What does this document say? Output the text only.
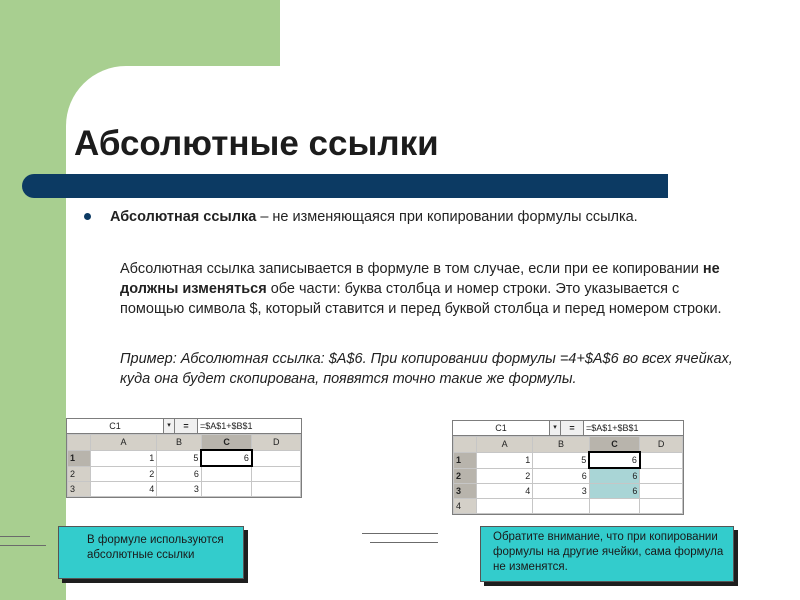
Абсолютные ссылки
Абсолютная ссылка – не изменяющаяся при копировании формулы ссылка.
Абсолютная ссылка записывается в формуле в том случае, если при ее копировании не должны изменяться обе части: буква столбца и номер строки. Это указывается с помощью символа $, который ставится и перед буквой столбца и перед номером строки.
Пример: Абсолютная ссылка: $A$6. При копировании формулы =4+$A$6 во всех ячейках, куда она будет скопирована, появятся точно такие же формулы.
C1	▾	=	=$A$1+$B$1
	A	B	C	D
1	1	5	6	
2	2	6		
3	4	3		
C1	▾	=	=$A$1+$B$1
	A	B	C	D
1	1	5	6	
2	2	6	6	
3	4	3	6	
4				
В формуле используются абсолютные ссылки
Обратите внимание, что при копировании формулы на другие ячейки, сама формула не изменятся.
